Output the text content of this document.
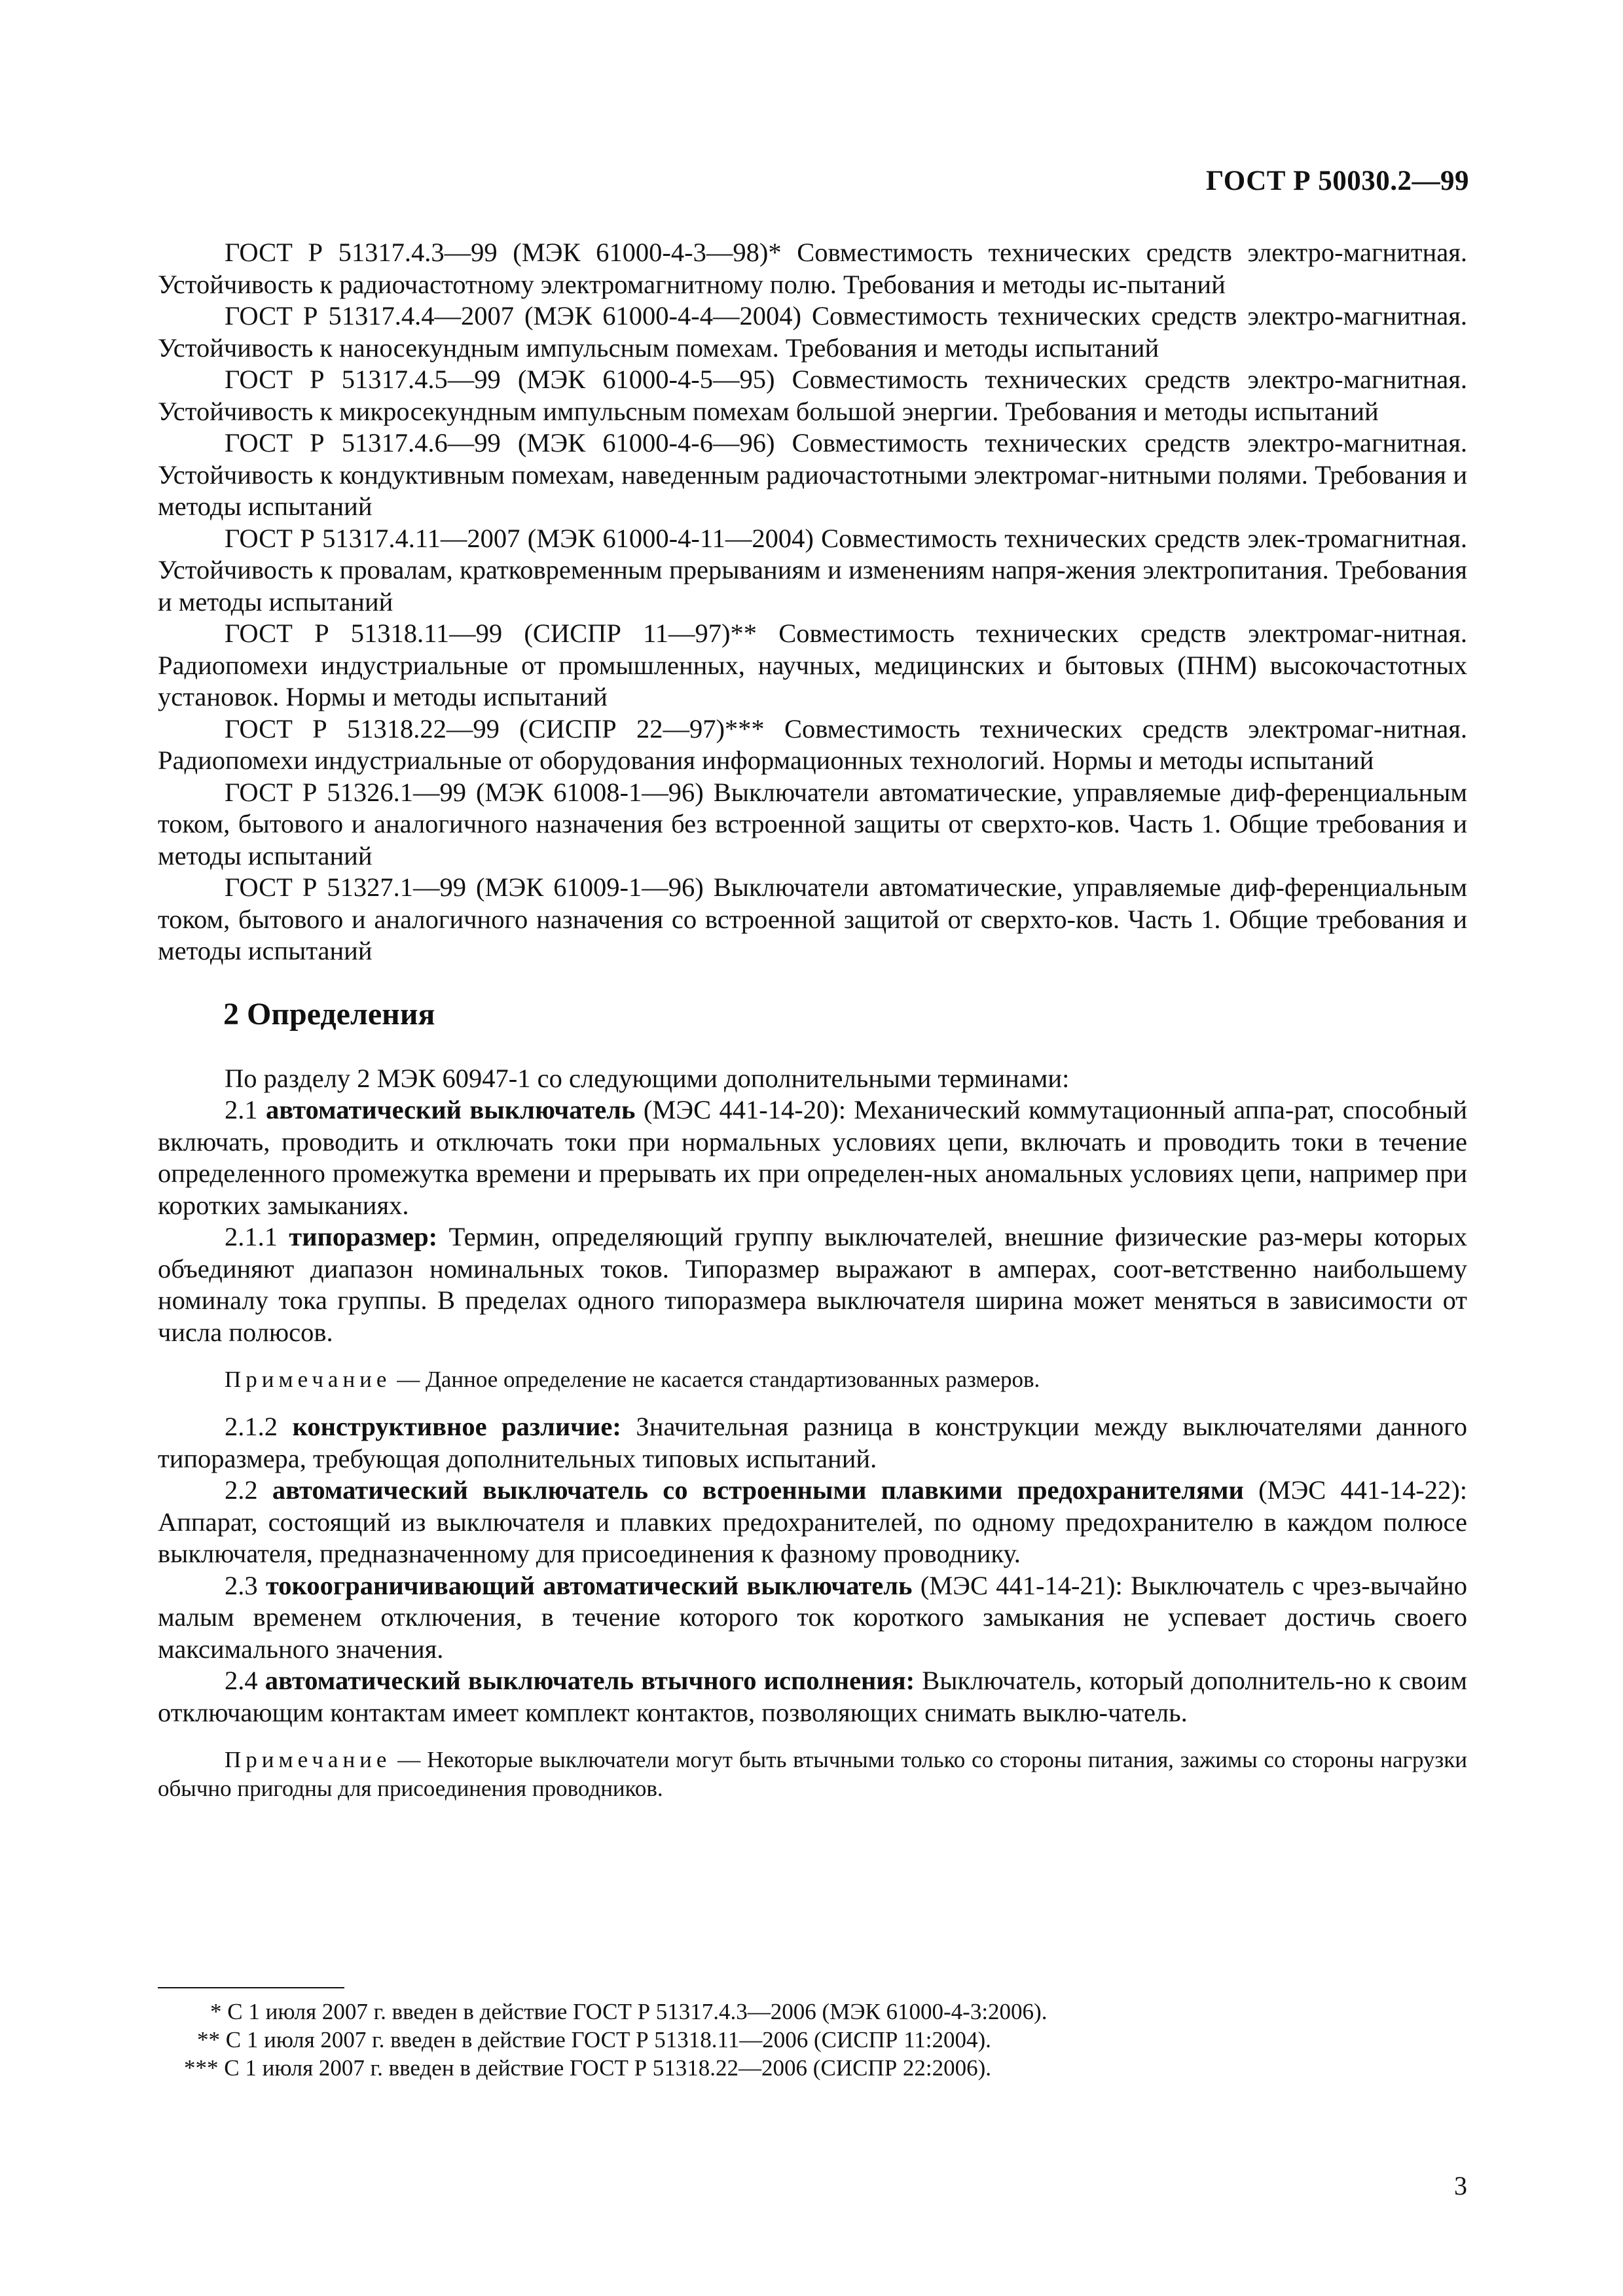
ГОСТ Р 50030.2—99

ГОСТ Р 51317.4.3—99 (МЭК 61000-4-3—98)* Совместимость технических средств электро-магнитная. Устойчивость к радиочастотному электромагнитному полю. Требования и методы ис-пытаний

ГОСТ Р 51317.4.4—2007 (МЭК 61000-4-4—2004) Совместимость технических средств электро-магнитная. Устойчивость к наносекундным импульсным помехам. Требования и методы испытаний

ГОСТ Р 51317.4.5—99 (МЭК 61000-4-5—95) Совместимость технических средств электро-магнитная. Устойчивость к микросекундным импульсным помехам большой энергии. Требования и методы испытаний

ГОСТ Р 51317.4.6—99 (МЭК 61000-4-6—96) Совместимость технических средств электро-магнитная. Устойчивость к кондуктивным помехам, наведенным радиочастотными электромаг-нитными полями. Требования и методы испытаний

ГОСТ Р 51317.4.11—2007 (МЭК 61000-4-11—2004) Совместимость технических средств элек-тромагнитная. Устойчивость к провалам, кратковременным прерываниям и изменениям напря-жения электропитания. Требования и методы испытаний

ГОСТ Р 51318.11—99 (СИСПР 11—97)** Совместимость технических средств электромаг-нитная. Радиопомехи индустриальные от промышленных, научных, медицинских и бытовых (ПНМ) высокочастотных установок. Нормы и методы испытаний

ГОСТ Р 51318.22—99 (СИСПР 22—97)*** Совместимость технических средств электромаг-нитная. Радиопомехи индустриальные от оборудования информационных технологий. Нормы и методы испытаний

ГОСТ Р 51326.1—99 (МЭК 61008-1—96) Выключатели автоматические, управляемые диф-ференциальным током, бытового и аналогичного назначения без встроенной защиты от сверхто-ков. Часть 1. Общие требования и методы испытаний

ГОСТ Р 51327.1—99 (МЭК 61009-1—96) Выключатели автоматические, управляемые диф-ференциальным током, бытового и аналогичного назначения со встроенной защитой от сверхто-ков. Часть 1. Общие требования и методы испытаний

2 Определения

По разделу 2 МЭК 60947-1 со следующими дополнительными терминами:

2.1 автоматический выключатель (МЭС 441-14-20): Механический коммутационный аппа-рат, способный включать, проводить и отключать токи при нормальных условиях цепи, включать и проводить токи в течение определенного промежутка времени и прерывать их при определен-ных аномальных условиях цепи, например при коротких замыканиях.

2.1.1 типоразмер: Термин, определяющий группу выключателей, внешние физические раз-меры которых объединяют диапазон номинальных токов. Типоразмер выражают в амперах, соот-ветственно наибольшему номиналу тока группы. В пределах одного типоразмера выключателя ширина может меняться в зависимости от числа полюсов.

Примечание — Данное определение не касается стандартизованных размеров.

2.1.2 конструктивное различие: Значительная разница в конструкции между выключателями данного типоразмера, требующая дополнительных типовых испытаний.

2.2 автоматический выключатель со встроенными плавкими предохранителями (МЭС 441-14-22): Аппарат, состоящий из выключателя и плавких предохранителей, по одному предохранителю в каждом полюсе выключателя, предназначенному для присоединения к фазному проводнику.

2.3 токоограничивающий автоматический выключатель (МЭС 441-14-21): Выключатель с чрез-вычайно малым временем отключения, в течение которого ток короткого замыкания не успевает достичь своего максимального значения.

2.4 автоматический выключатель втычного исполнения: Выключатель, который дополнитель-но к своим отключающим контактам имеет комплект контактов, позволяющих снимать выклю-чатель.

Примечание — Некоторые выключатели могут быть втычными только со стороны питания, зажимы со стороны нагрузки обычно пригодны для присоединения проводников.

* С 1 июля 2007 г. введен в действие ГОСТ Р 51317.4.3—2006 (МЭК 61000-4-3:2006).

** С 1 июля 2007 г. введен в действие ГОСТ Р 51318.11—2006 (СИСПР 11:2004).

*** С 1 июля 2007 г. введен в действие ГОСТ Р 51318.22—2006 (СИСПР 22:2006).

3
